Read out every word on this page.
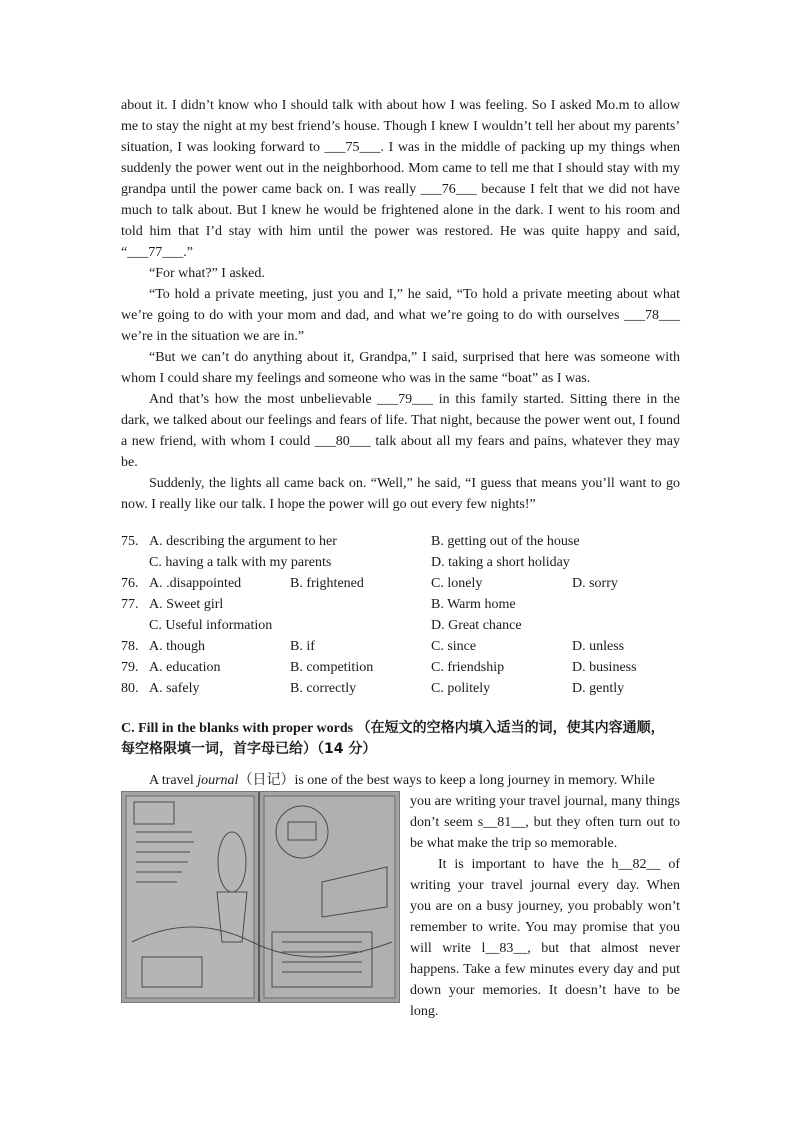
about it. I didn’t know who I should talk with about how I was feeling. So I asked Mo.m to allow me to stay the night at my best friend’s house. Though I knew I wouldn’t tell her about my parents’ situation, I was looking forward to ___75___. I was in the middle of packing up my things when suddenly the power went out in the neighborhood. Mom came to tell me that I should stay with my grandpa until the power came back on. I was really ___76___ because I felt that we did not have much to talk about. But I knew he would be frightened alone in the dark. I went to his room and told him that I’d stay with him until the power was restored. He was quite happy and said, “___77___.”

“For what?” I asked.

“To hold a private meeting, just you and I,” he said, “To hold a private meeting about what we’re going to do with your mom and dad, and what we’re going to do with ourselves ___78___ we’re in the situation we are in.”

“But we can’t do anything about it, Grandpa,” I said, surprised that here was someone with whom I could share my feelings and someone who was in the same “boat” as I was.

And that’s how the most unbelievable ___79___ in this family started. Sitting there in the dark, we talked about our feelings and fears of life. That night, because the power went out, I found a new friend, with whom I could ___80___ talk about all my fears and pains, whatever they may be.

Suddenly, the lights all came back on. “Well,” he said, “I guess that means you’ll want to go now. I really like our talk. I hope the power will go out every few nights!”

75. A. describing the argument to her	B. getting out of the house
C. having a talk with my parents	D. taking a short holiday
76. A. .disappointed	B. frightened	C. lonely	D. sorry
77. A. Sweet girl	B. Warm home
C. Useful information	D. Great chance
78. A. though	B. if	C. since	D. unless
79. A. education	B. competition	C. friendship	D. business
80. A. safely	B. correctly	C. politely	D. gently
C. Fill in the blanks with proper words （在短文的空格内填入适当的词，使其内容通顺，
每空格限填一词，首字母已给）（14 分）
A travel journal（日记）is one of the best ways to keep a long journey in memory. While

you are writing your travel journal, many things don’t seem s__81__, but they often turn out to be what make the trip so memorable.

It is important to have the h__82__ of writing your travel journal every day. When you are on a busy journey, you probably won’t remember to write. You may promise that you will write l__83__, but that almost never happens. Take a few minutes every day and put down your memories. It doesn’t have to be long.
